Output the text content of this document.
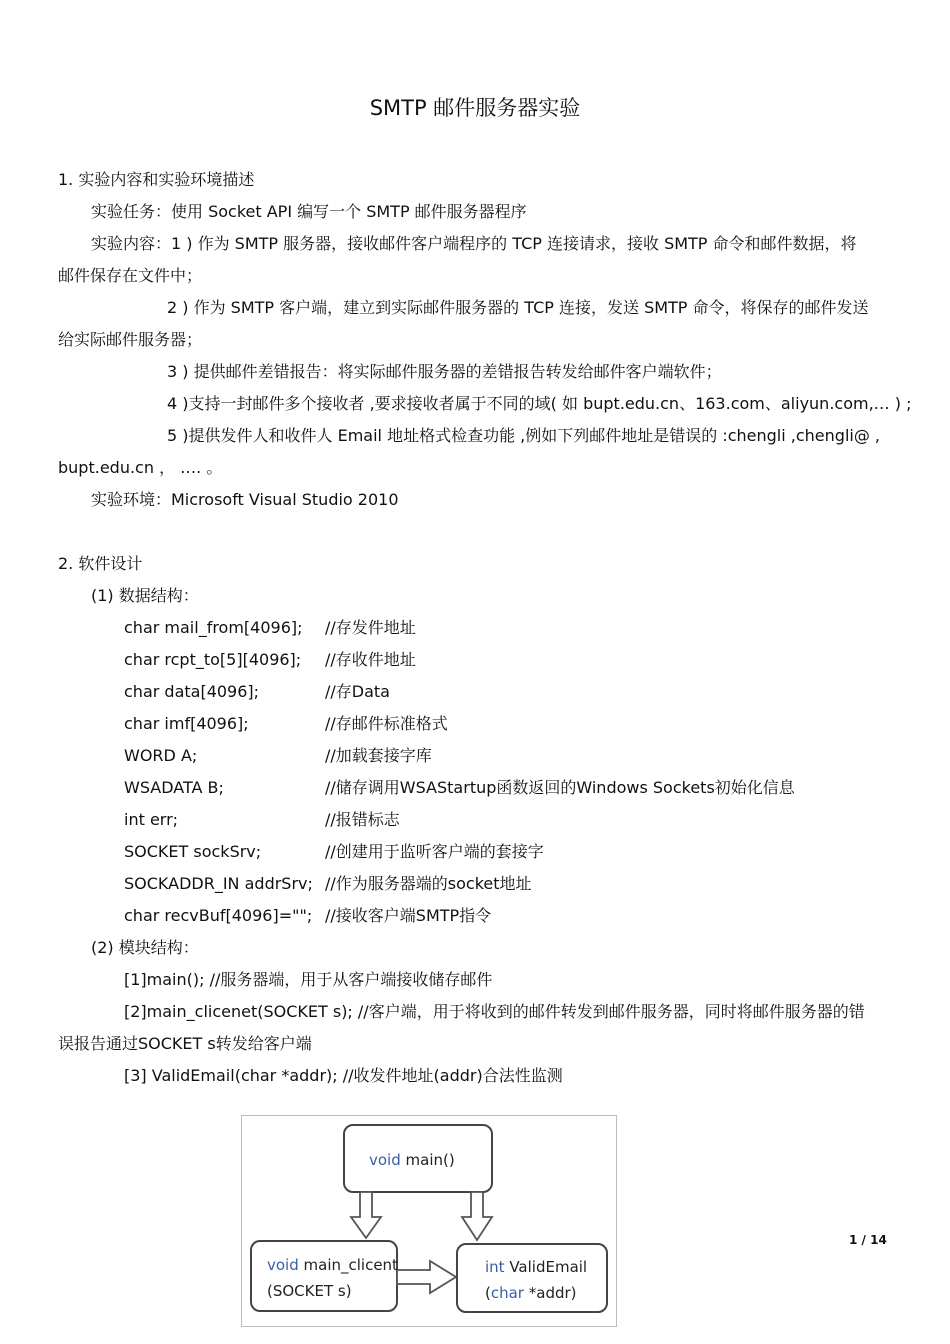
SMTP 邮件服务器实验
1. 实验内容和实验环境描述
实验任务：使用 Socket API 编写一个 SMTP 邮件服务器程序
实验内容：1 ) 作为 SMTP 服务器，接收邮件客户端程序的 TCP 连接请求，接收 SMTP 命令和邮件数据，将
邮件保存在文件中；
2 ) 作为 SMTP 客户端，建立到实际邮件服务器的 TCP 连接，发送 SMTP 命令，将保存的邮件发送
给实际邮件服务器；
3 ) 提供邮件差错报告：将实际邮件服务器的差错报告转发给邮件客户端软件；
4 )支持一封邮件多个接收者 ,要求接收者属于不同的域( 如 bupt.edu.cn、163.com、aliyun.com,… ) ;
5 )提供发件人和收件人 Email 地址格式检查功能 ,例如下列邮件地址是错误的 :chengli ,chengli@ ,
bupt.edu.cn ， …. 。
实验环境：Microsoft Visual Studio 2010
2. 软件设计
(1) 数据结构：
char mail_from[4096]; //存发件地址
char rcpt_to[5][4096]; //存收件地址
char data[4096];	//存Data
char imf[4096];	//存邮件标准格式
WORD A;	//加载套接字库
WSADATA B;	//储存调用WSAStartup函数返回的Windows Sockets初始化信息
int err;	//报错标志
SOCKET sockSrv;	//创建用于监听客户端的套接字
SOCKADDR_IN addrSrv; //作为服务器端的socket地址
char recvBuf[4096]=""; //接收客户端SMTP指令
(2) 模块结构：
[1]main(); //服务器端，用于从客户端接收储存邮件
[2]main_clicenet(SOCKET s); //客户端，用于将收到的邮件转发到邮件服务器，同时将邮件服务器的错
误报告通过SOCKET s转发给客户端
[3] ValidEmail(char *addr); //收发件地址(addr)合法性监测
void main()
void main_clicent
(SOCKET s)
int ValidEmail
(char *addr)
1 / 14
